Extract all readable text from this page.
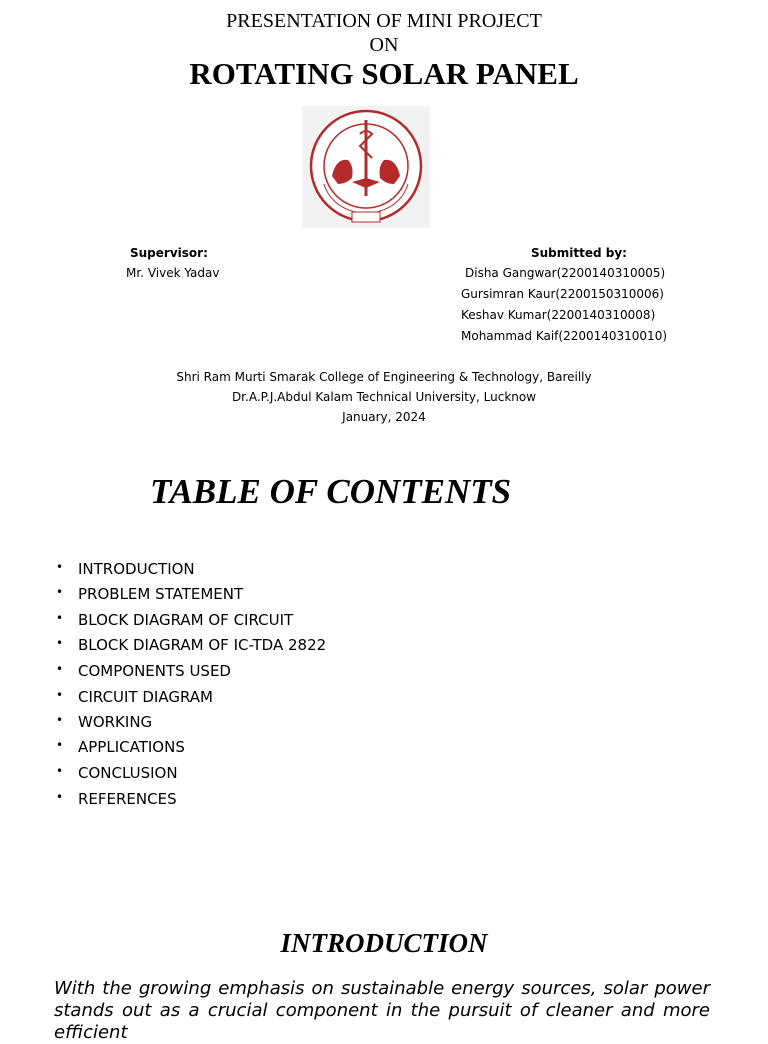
PRESENTATION OF MINI PROJECT
ON
ROTATING SOLAR PANEL
Supervisor:
Mr. Vivek Yadav
Submitted by:
Disha Gangwar(2200140310005)
Gursimran Kaur(2200150310006)
Keshav Kumar(2200140310008)
Mohammad Kaif(2200140310010)
Shri Ram Murti Smarak College of Engineering & Technology, Bareilly
Dr.A.P.J.Abdul Kalam Technical University, Lucknow
January, 2024
TABLE OF CONTENTS
• INTRODUCTION
• PROBLEM STATEMENT
• BLOCK DIAGRAM OF CIRCUIT
• BLOCK DIAGRAM OF IC-TDA 2822
• COMPONENTS USED
• CIRCUIT DIAGRAM
• WORKING
• APPLICATIONS
• CONCLUSION
• REFERENCES
INTRODUCTION
With the growing emphasis on sustainable energy sources, solar power stands out as a crucial component in the pursuit of cleaner and more efficient
